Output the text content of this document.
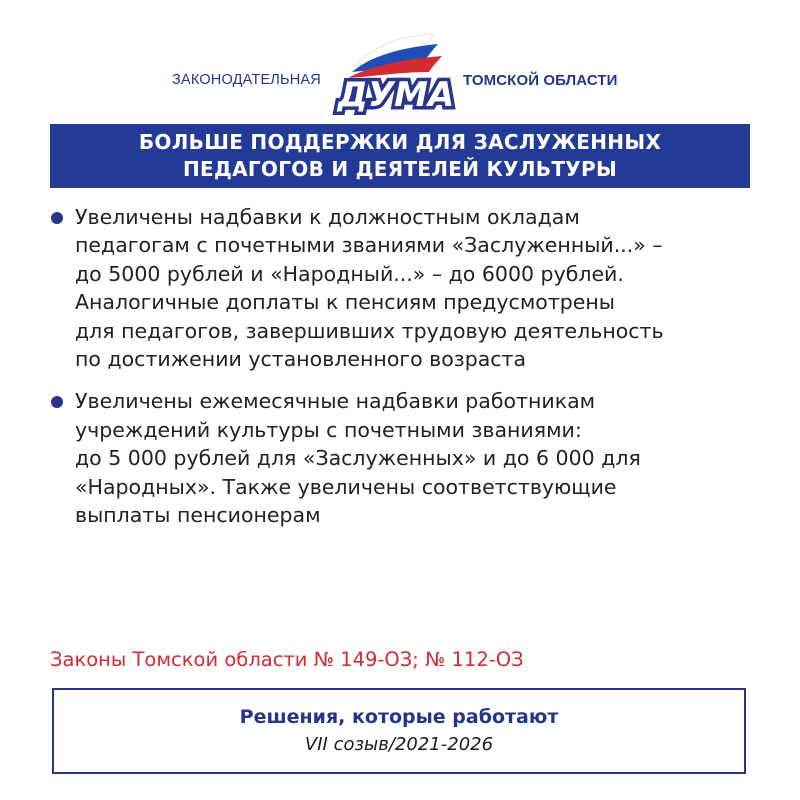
ЗАКОНОДАТЕЛЬНАЯ ДУМА ТОМСКОЙ ОБЛАСТИ
БОЛЬШЕ ПОДДЕРЖКИ ДЛЯ ЗАСЛУЖЕННЫХ
ПЕДАГОГОВ И ДЕЯТЕЛЕЙ КУЛЬТУРЫ
Увеличены надбавки к должностным окладам
педагогам с почетными званиями «Заслуженный...» –
до 5000 рублей и «Народный...» – до 6000 рублей.
Аналогичные доплаты к пенсиям предусмотрены
для педагогов, завершивших трудовую деятельность
по достижении установленного возраста
Увеличены ежемесячные надбавки работникам
учреждений культуры с почетными званиями:
до 5 000 рублей для «Заслуженных» и до 6 000 для
«Народных». Также увеличены соответствующие
выплаты пенсионерам
Законы Томской области № 149-ОЗ; № 112-ОЗ
Решения, которые работают
VII созыв/2021-2026
